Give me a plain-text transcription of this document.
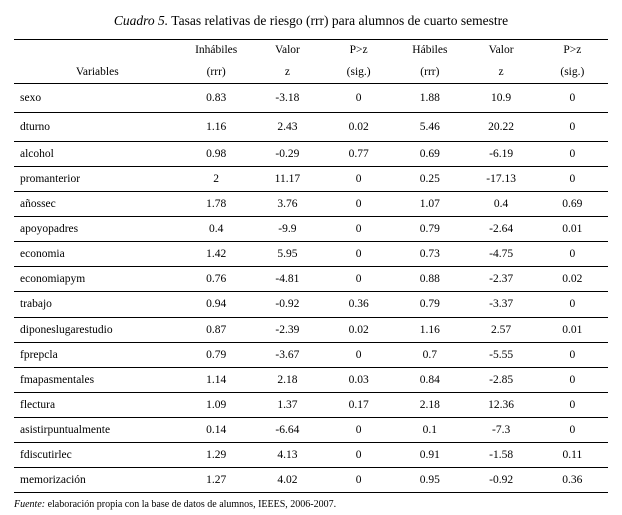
Cuadro 5. Tasas relativas de riesgo (rrr) para alumnos de cuarto semestre
	Inhábiles	Valor	P>z	Hábiles	Valor	P>z
Variables	(rrr)	z	(sig.)	(rrr)	z	(sig.)
sexo	0.83	-3.18	0	1.88	10.9	0
dturno	1.16	2.43	0.02	5.46	20.22	0
alcohol	0.98	-0.29	0.77	0.69	-6.19	0
promanterior	2	11.17	0	0.25	-17.13	0
añossec	1.78	3.76	0	1.07	0.4	0.69
apoyopadres	0.4	-9.9	0	0.79	-2.64	0.01
economia	1.42	5.95	0	0.73	-4.75	0
economiapym	0.76	-4.81	0	0.88	-2.37	0.02
trabajo	0.94	-0.92	0.36	0.79	-3.37	0
diponeslugarestudio	0.87	-2.39	0.02	1.16	2.57	0.01
fprepcla	0.79	-3.67	0	0.7	-5.55	0
fmapasmentales	1.14	2.18	0.03	0.84	-2.85	0
flectura	1.09	1.37	0.17	2.18	12.36	0
asistirpuntualmente	0.14	-6.64	0	0.1	-7.3	0
fdiscutirlec	1.29	4.13	0	0.91	-1.58	0.11
memorización	1.27	4.02	0	0.95	-0.92	0.36

Fuente: elaboración propia con la base de datos de alumnos, IEEES, 2006-2007.
